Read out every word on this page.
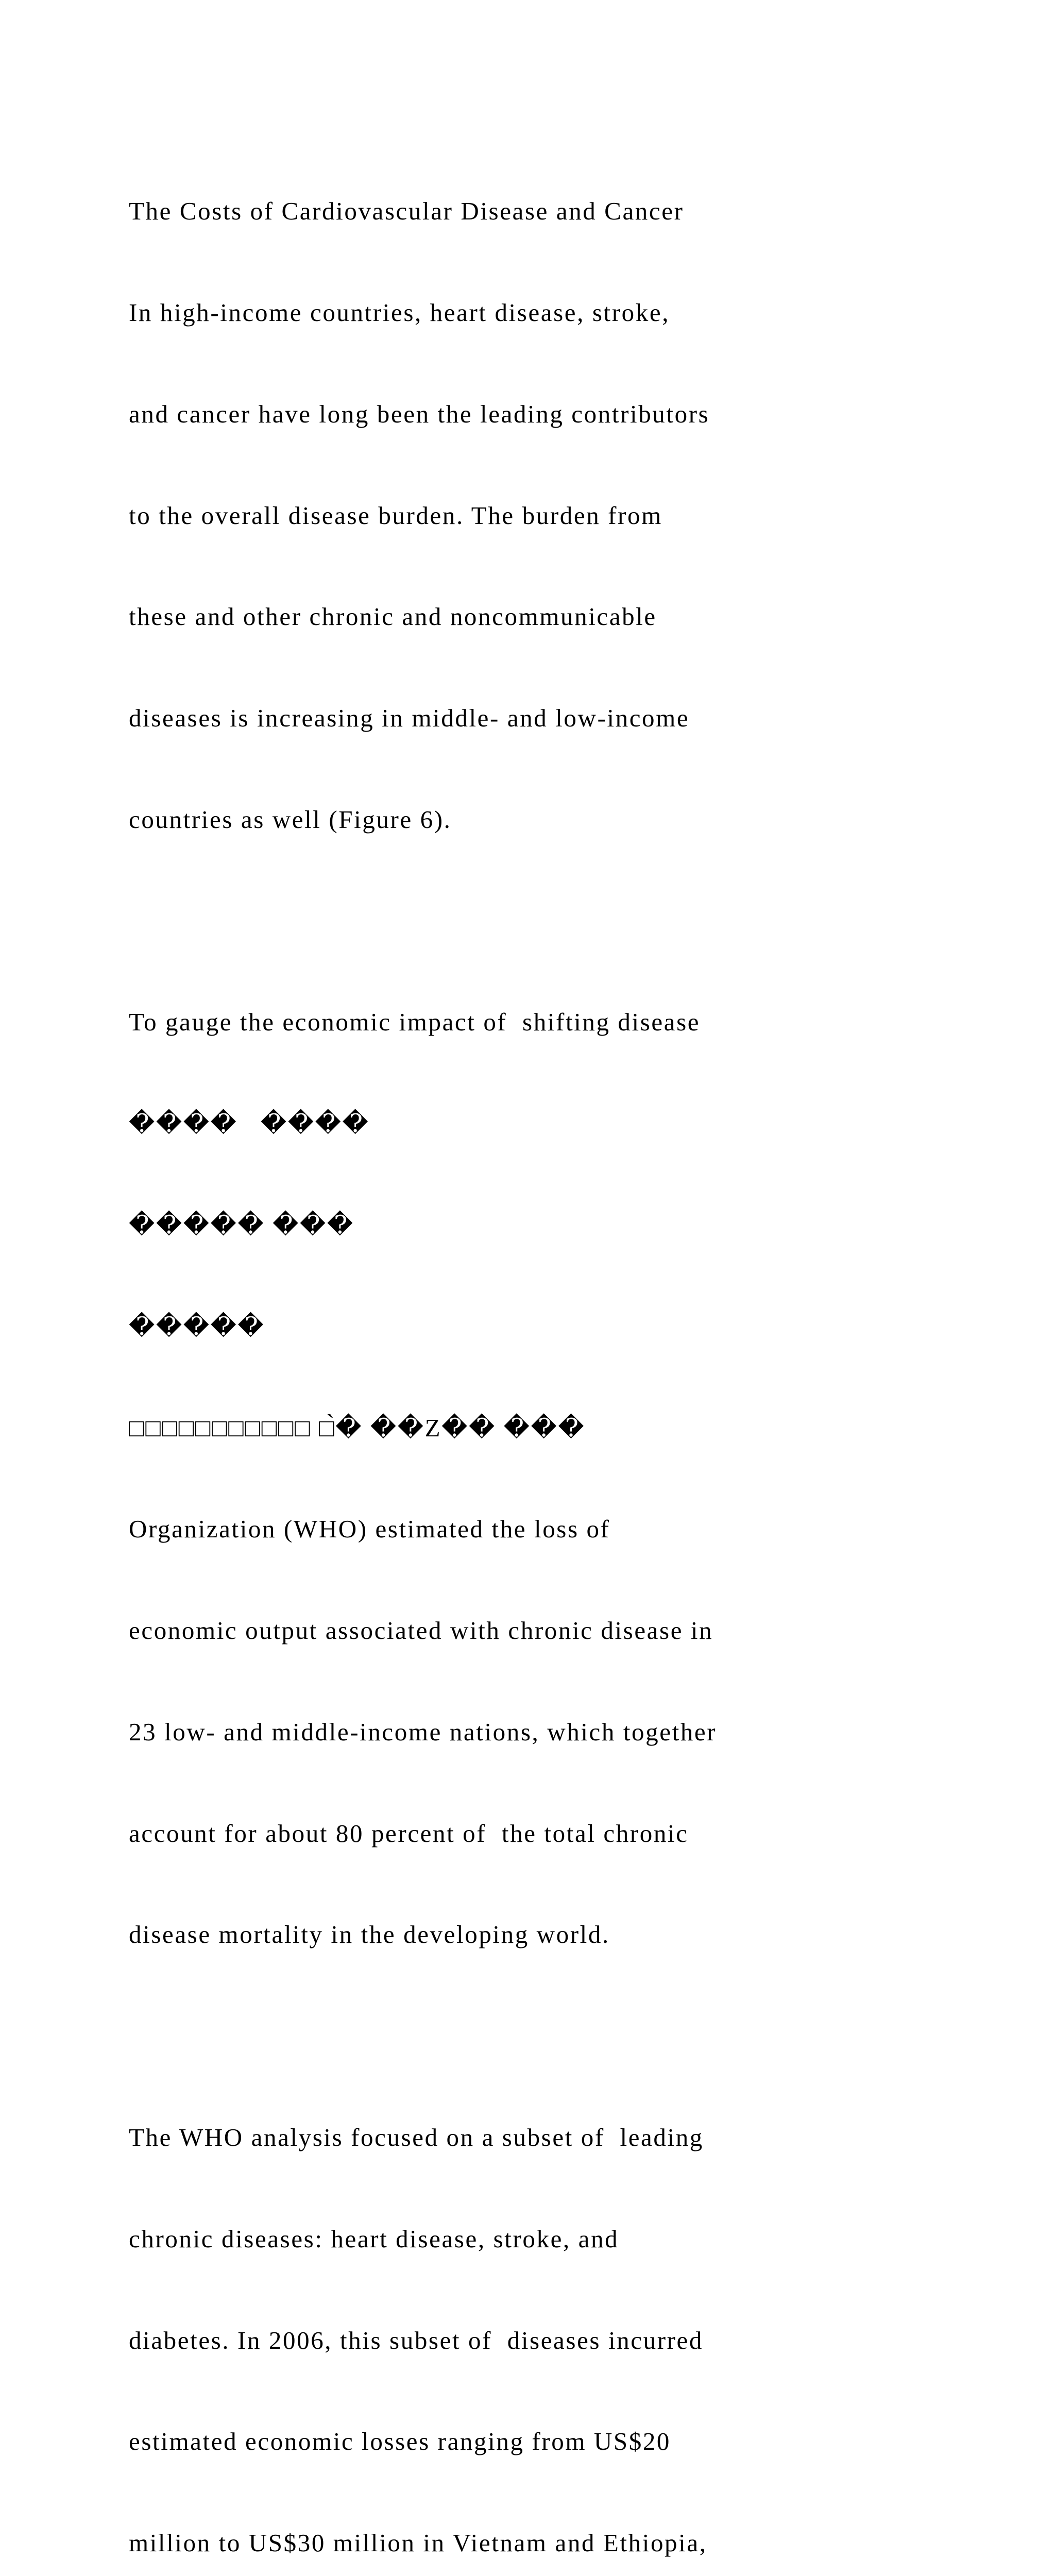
The Costs of Cardiovascular Disease and Cancer

In high-income countries, heart disease, stroke,

and cancer have long been the leading contributors

to the overall disease burden. The burden from

these and other chronic and noncommunicable

diseases is increasing in middle- and low-income

countries as well (Figure 6).

To gauge the economic impact of  shifting disease

����   ����

����� ���

�����

□□□□□□□□□□□ □̀� ��Z�� ���

Organization (WHO) estimated the loss of

economic output associated with chronic disease in

23 low- and middle-income nations, which together

account for about 80 percent of  the total chronic

disease mortality in the developing world.

The WHO analysis focused on a subset of  leading

chronic diseases: heart disease, stroke, and

diabetes. In 2006, this subset of  diseases incurred

estimated economic losses ranging from US$20

million to US$30 million in Vietnam and Ethiopia,
